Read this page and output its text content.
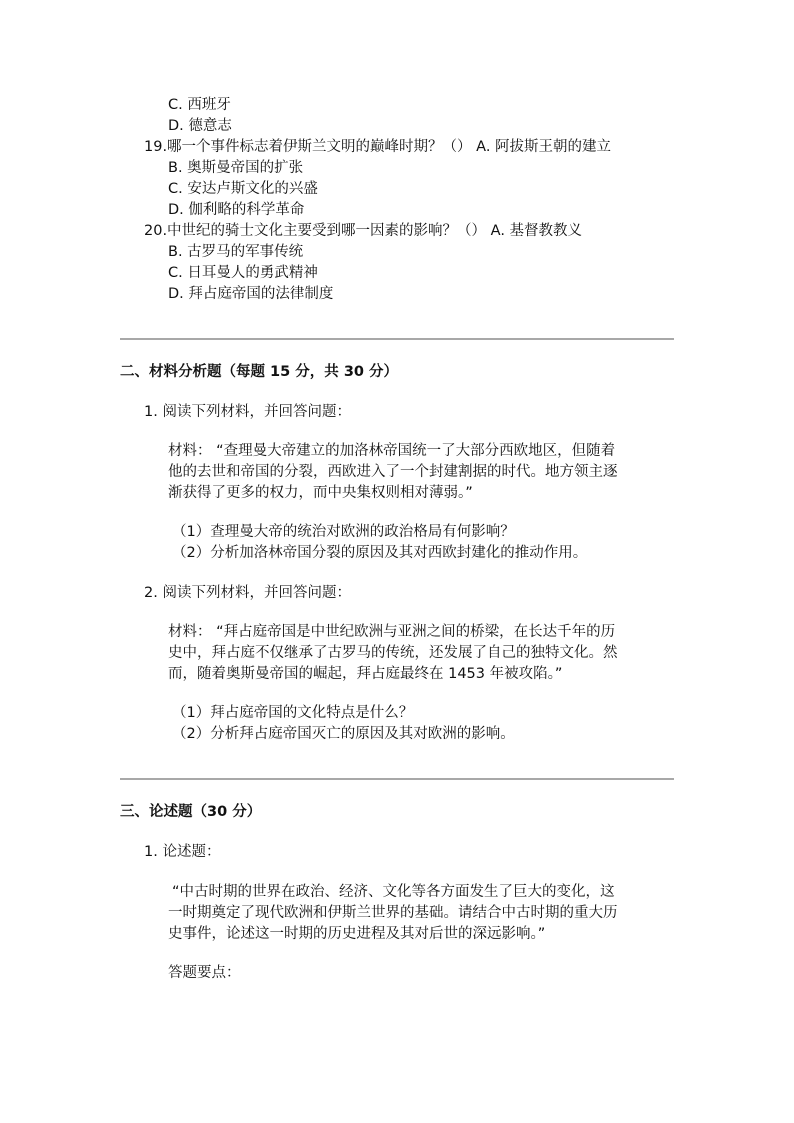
C. 西班牙
D. 德意志
19.哪一个事件标志着伊斯兰文明的巅峰时期？（） A. 阿拔斯王朝的建立
B. 奥斯曼帝国的扩张
C. 安达卢斯文化的兴盛
D. 伽利略的科学革命
20.中世纪的骑士文化主要受到哪一因素的影响？（） A. 基督教教义
B. 古罗马的军事传统
C. 日耳曼人的勇武精神
D. 拜占庭帝国的法律制度
二、材料分析题（每题 15 分，共 30 分）
1. 阅读下列材料，并回答问题：
材料： “查理曼大帝建立的加洛林帝国统一了大部分西欧地区，但随着
他的去世和帝国的分裂，西欧进入了一个封建割据的时代。地方领主逐
渐获得了更多的权力，而中央集权则相对薄弱。”
（1）查理曼大帝的统治对欧洲的政治格局有何影响？
（2）分析加洛林帝国分裂的原因及其对西欧封建化的推动作用。
2. 阅读下列材料，并回答问题：
材料： “拜占庭帝国是中世纪欧洲与亚洲之间的桥梁，在长达千年的历
史中，拜占庭不仅继承了古罗马的传统，还发展了自己的独特文化。然
而，随着奥斯曼帝国的崛起，拜占庭最终在 1453 年被攻陷。”
（1）拜占庭帝国的文化特点是什么？
（2）分析拜占庭帝国灭亡的原因及其对欧洲的影响。
三、论述题（30 分）
1. 论述题：
“中古时期的世界在政治、经济、文化等各方面发生了巨大的变化，这
一时期奠定了现代欧洲和伊斯兰世界的基础。请结合中古时期的重大历
史事件，论述这一时期的历史进程及其对后世的深远影响。”
答题要点：
